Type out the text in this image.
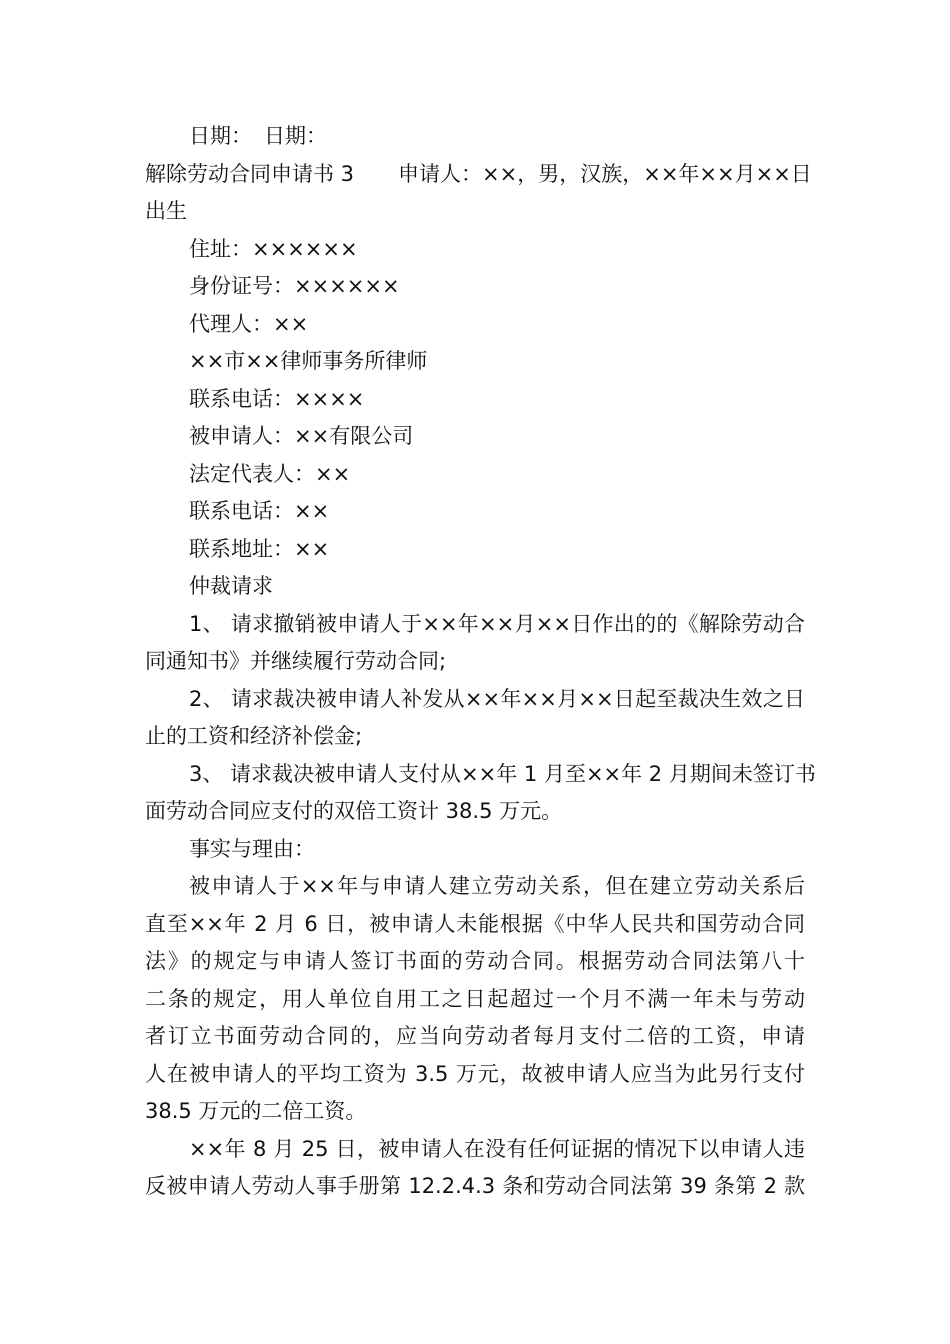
日期： 日期：
解除劳动合同申请书 3 申请人：××，男，汉族，××年××月××日
出生
住址：××××××
身份证号：××××××
代理人：××
××市××律师事务所律师
联系电话：××××
被申请人：××有限公司
法定代表人：××
联系电话：××
联系地址：××
仲裁请求
1、 请求撤销被申请人于××年××月××日作出的的《解除劳动合
同通知书》并继续履行劳动合同;
2、 请求裁决被申请人补发从××年××月××日起至裁决生效之日
止的工资和经济补偿金;
3、 请求裁决被申请人支付从××年 1 月至××年 2 月期间未签订书
面劳动合同应支付的双倍工资计 38.5 万元。
事实与理由：
被申请人于××年与申请人建立劳动关系，但在建立劳动关系后
直至××年 2 月 6 日，被申请人未能根据《中华人民共和国劳动合同
法》的规定与申请人签订书面的劳动合同。根据劳动合同法第八十
二条的规定，用人单位自用工之日起超过一个月不满一年未与劳动
者订立书面劳动合同的，应当向劳动者每月支付二倍的工资，申请
人在被申请人的平均工资为 3.5 万元，故被申请人应当为此另行支付
38.5 万元的二倍工资。
××年 8 月 25 日，被申请人在没有任何证据的情况下以申请人违
反被申请人劳动人事手册第 12.2.4.3 条和劳动合同法第 39 条第 2 款
